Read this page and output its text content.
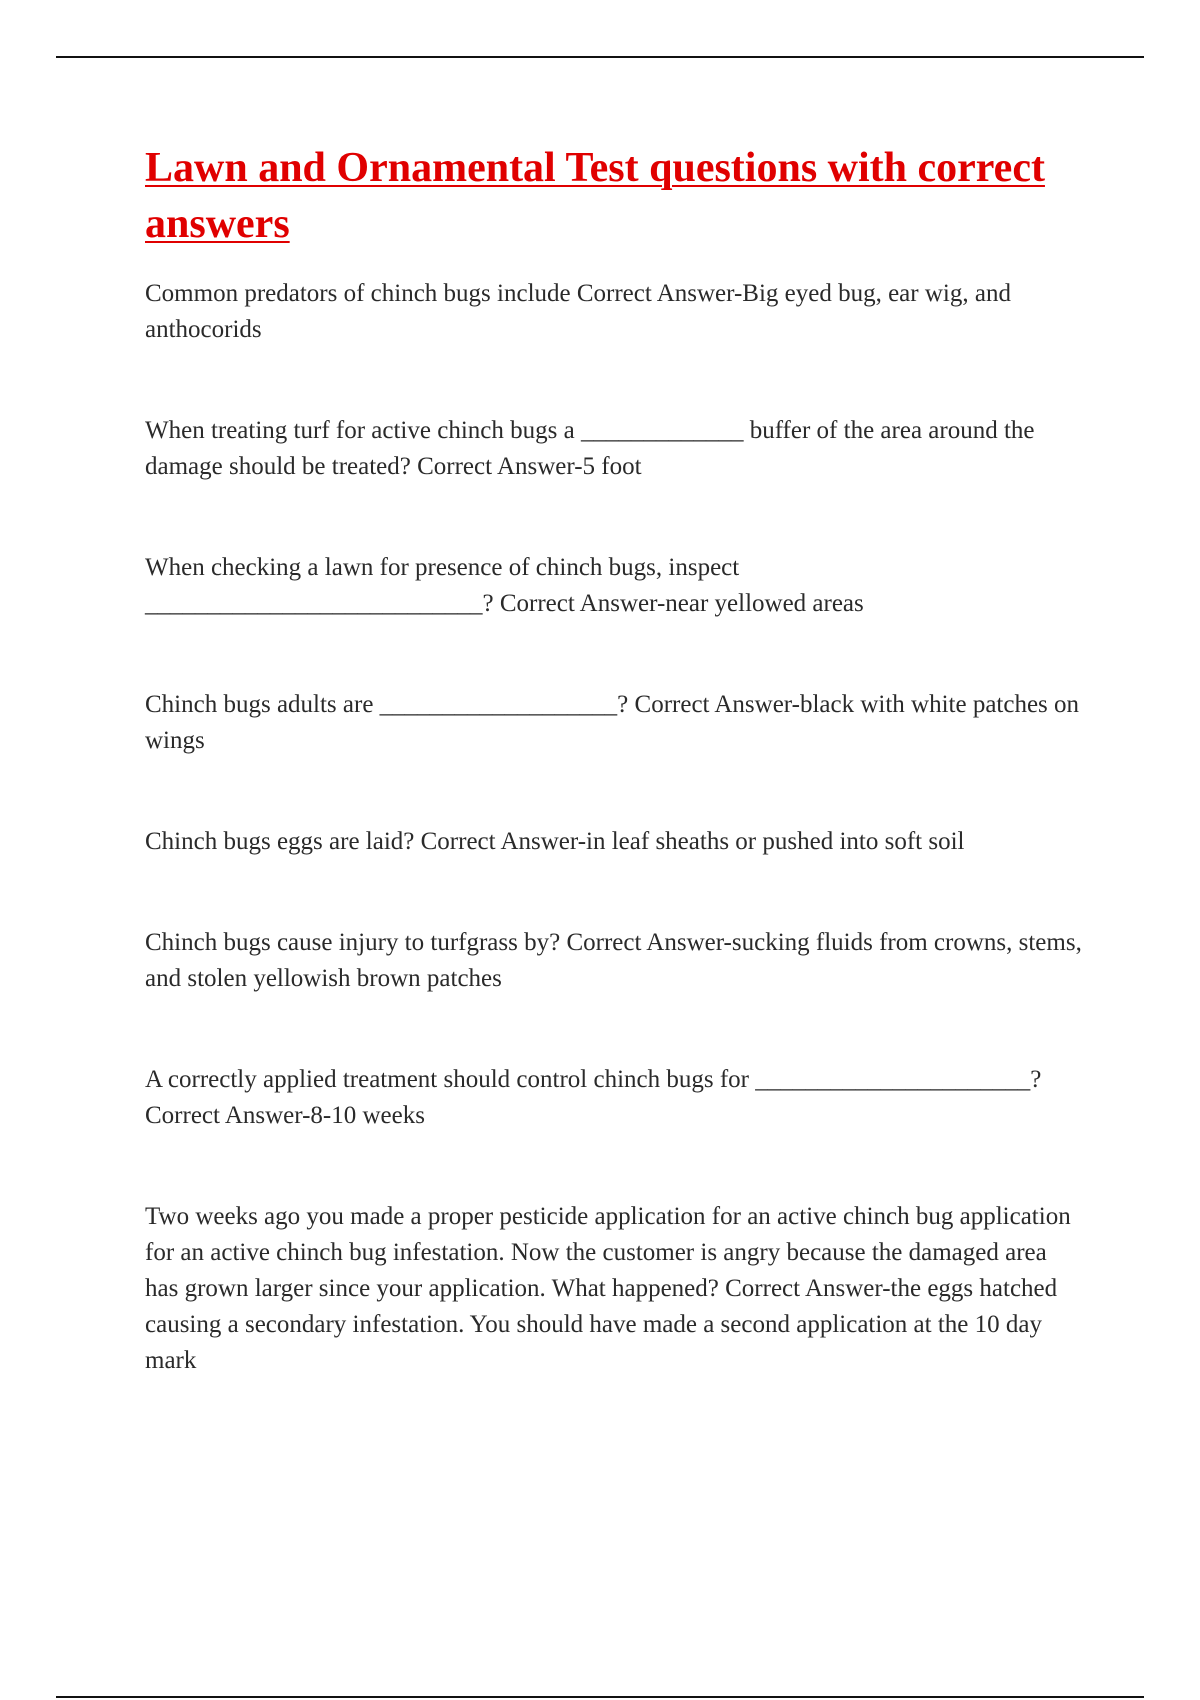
Lawn and Ornamental Test questions with correct answers

Common predators of chinch bugs include Correct Answer-Big eyed bug, ear wig, and anthocorids

When treating turf for active chinch bugs a _____________ buffer of the area around the damage should be treated? Correct Answer-5 foot

When checking a lawn for presence of chinch bugs, inspect ___________________________? Correct Answer-near yellowed areas

Chinch bugs adults are ___________________? Correct Answer-black with white patches on wings

Chinch bugs eggs are laid? Correct Answer-in leaf sheaths or pushed into soft soil

Chinch bugs cause injury to turfgrass by? Correct Answer-sucking fluids from crowns, stems, and stolen yellowish brown patches

A correctly applied treatment should control chinch bugs for ______________________? Correct Answer-8-10 weeks

Two weeks ago you made a proper pesticide application for an active chinch bug application for an active chinch bug infestation. Now the customer is angry because the damaged area has grown larger since your application. What happened? Correct Answer-the eggs hatched causing a secondary infestation. You should have made a second application at the 10 day mark
